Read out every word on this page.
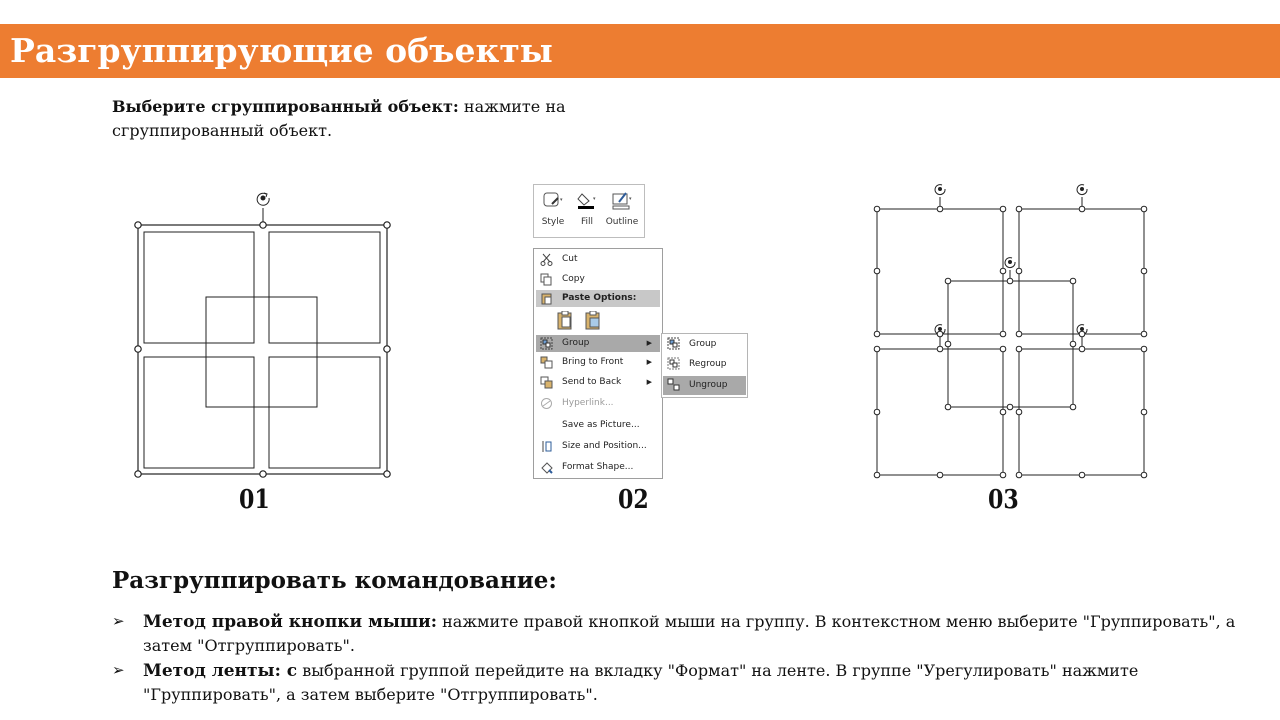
Разгруппирующие объекты
Выберите сгруппированный объект: нажмите на сгруппированный объект.
01
▾
Style
▾
Fill
▾
Outline
Cut
Copy
Paste Options:
Group	▶
Bring to Front	▶
Send to Back	▶
Hyperlink...
Save as Picture...
Size and Position...
Format Shape...
Group
Regroup
Ungroup
02	03
Разгруппировать командование:
➢ Метод правой кнопки мыши: нажмите правой кнопкой мыши на группу. В контекстном меню выберите "Группировать", а затем "Отгруппировать".
➢ Метод ленты: с выбранной группой перейдите на вкладку "Формат" на ленте. В группе "Урегулировать" нажмите "Группировать", а затем выберите "Отгруппировать".
